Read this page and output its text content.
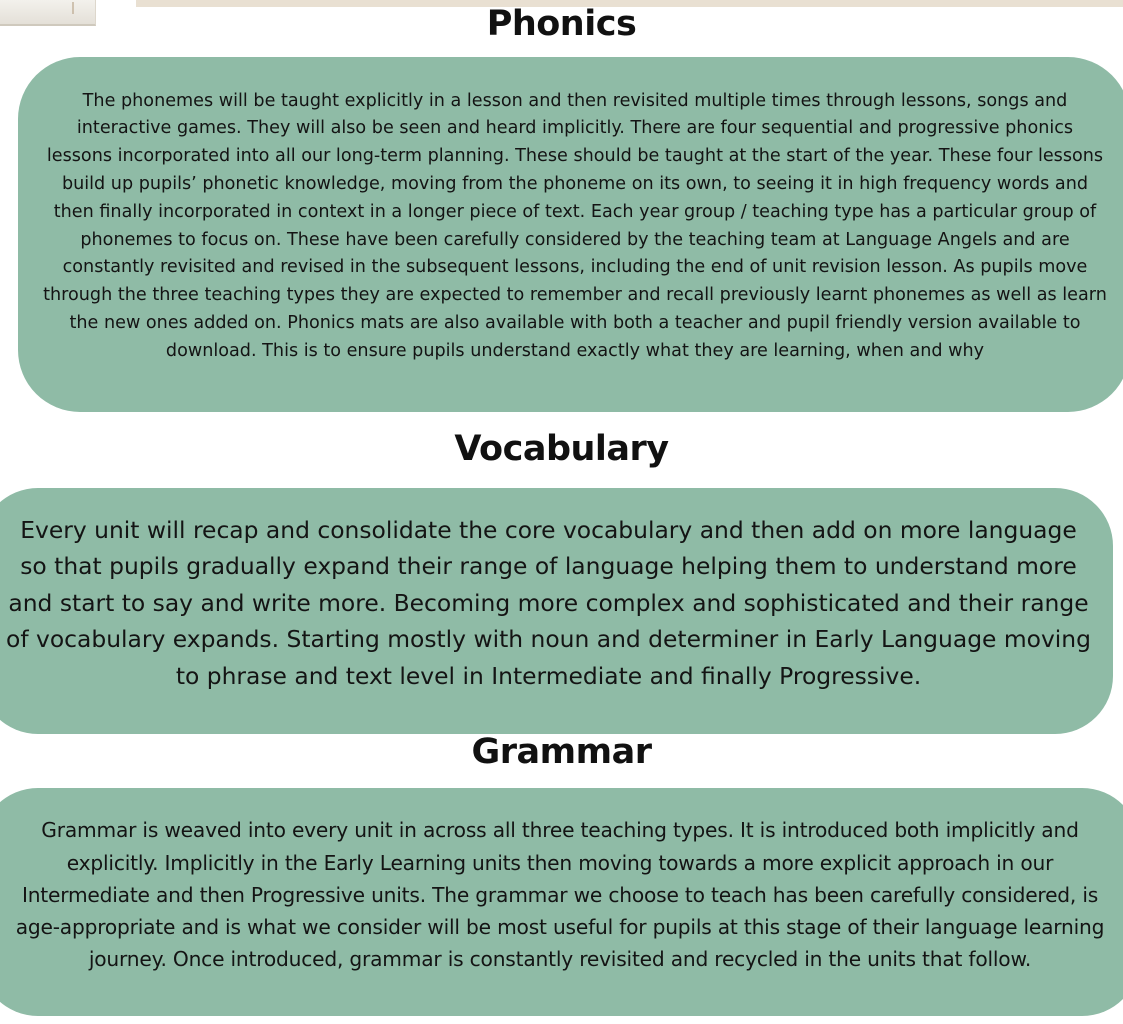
Phonics

The phonemes will be taught explicitly in a lesson and then revisited multiple times through lessons, songs and interactive games. They will also be seen and heard implicitly. There are four sequential and progressive phonics lessons incorporated into all our long-term planning. These should be taught at the start of the year. These four lessons build up pupils’ phonetic knowledge, moving from the phoneme on its own, to seeing it in high frequency words and then finally incorporated in context in a longer piece of text. Each year group / teaching type has a particular group of phonemes to focus on. These have been carefully considered by the teaching team at Language Angels and are constantly revisited and revised in the subsequent lessons, including the end of unit revision lesson. As pupils move through the three teaching types they are expected to remember and recall previously learnt phonemes as well as learn the new ones added on. Phonics mats are also available with both a teacher and pupil friendly version available to download. This is to ensure pupils understand exactly what they are learning, when and why

Vocabulary

Every unit will recap and consolidate the core vocabulary and then add on more language so that pupils gradually expand their range of language helping them to understand more and start to say and write more. Becoming more complex and sophisticated and their range of vocabulary expands. Starting mostly with noun and determiner in Early Language moving to phrase and text level in Intermediate and finally Progressive.

Grammar

Grammar is weaved into every unit in across all three teaching types. It is introduced both implicitly and explicitly. Implicitly in the Early Learning units then moving towards a more explicit approach in our Intermediate and then Progressive units. The grammar we choose to teach has been carefully considered, is age-appropriate and is what we consider will be most useful for pupils at this stage of their language learning journey. Once introduced, grammar is constantly revisited and recycled in the units that follow.
